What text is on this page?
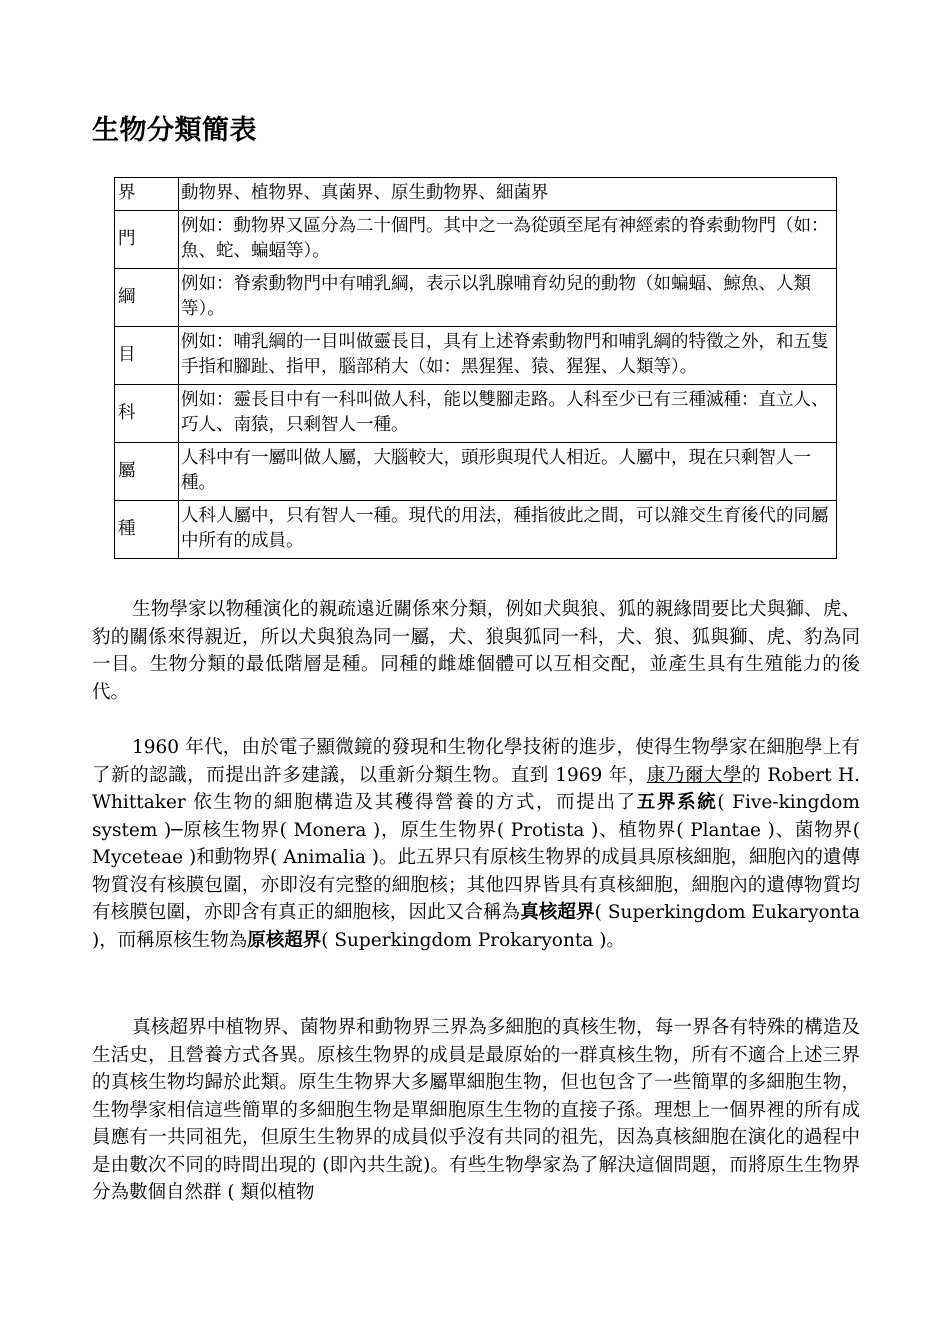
生物分類簡表
界	動物界、植物界、真菌界、原生動物界、細菌界
門	例如：動物界又區分為二十個門。其中之一為從頭至尾有神經索的脊索動物門（如：魚、蛇、蝙蝠等）。
綱	例如：脊索動物門中有哺乳綱，表示以乳腺哺育幼兒的動物（如蝙蝠、鯨魚、人類等）。
目	例如：哺乳綱的一目叫做靈長目，具有上述脊索動物門和哺乳綱的特徵之外，和五隻手指和腳趾、指甲，腦部稍大（如：黑猩猩、猿、猩猩、人類等）。
科	例如：靈長目中有一科叫做人科，能以雙腳走路。人科至少已有三種滅種：直立人、巧人、南猿，只剩智人一種。
屬	人科中有一屬叫做人屬，大腦較大，頭形與現代人相近。人屬中，現在只剩智人一種。
種	人科人屬中，只有智人一種。現代的用法，種指彼此之間，可以雜交生育後代的同屬中所有的成員。

生物學家以物種演化的親疏遠近關係來分類，例如犬與狼、狐的親緣間要比犬與獅、虎、豹的關係來得親近，所以犬與狼為同一屬，犬、狼與狐同一科，犬、狼、狐與獅、虎、豹為同一目。生物分類的最低階層是種。同種的雌雄個體可以互相交配，並產生具有生殖能力的後代。

1960 年代，由於電子顯微鏡的發現和生物化學技術的進步，使得生物學家在細胞學上有了新的認識，而提出許多建議，以重新分類生物。直到 1969 年，康乃爾大學的 Robert H. Whittaker 依生物的細胞構造及其穫得營養的方式，而提出了五界系統( Five-kingdom system )─原核生物界( Monera )，原生生物界( Protista )、植物界( Plantae )、菌物界( Myceteae )和動物界( Animalia )。此五界只有原核生物界的成員具原核細胞，細胞內的遺傳物質沒有核膜包圍，亦即沒有完整的細胞核；其他四界皆具有真核細胞，細胞內的遺傳物質均有核膜包圍，亦即含有真正的細胞核，因此又合稱為真核超界( Superkingdom Eukaryonta )，而稱原核生物為原核超界( Superkingdom Prokaryonta )。

真核超界中植物界、菌物界和動物界三界為多細胞的真核生物，每一界各有特殊的構造及生活史，且營養方式各異。原核生物界的成員是最原始的一群真核生物，所有不適合上述三界的真核生物均歸於此類。原生生物界大多屬單細胞生物，但也包含了一些簡單的多細胞生物，生物學家相信這些簡單的多細胞生物是單細胞原生生物的直接子孫。理想上一個界裡的所有成員應有一共同祖先，但原生生物界的成員似乎沒有共同的祖先，因為真核細胞在演化的過程中是由數次不同的時間出現的 (即內共生說)。有些生物學家為了解決這個問題，而將原生生物界分為數個自然群 ( 類似植物
